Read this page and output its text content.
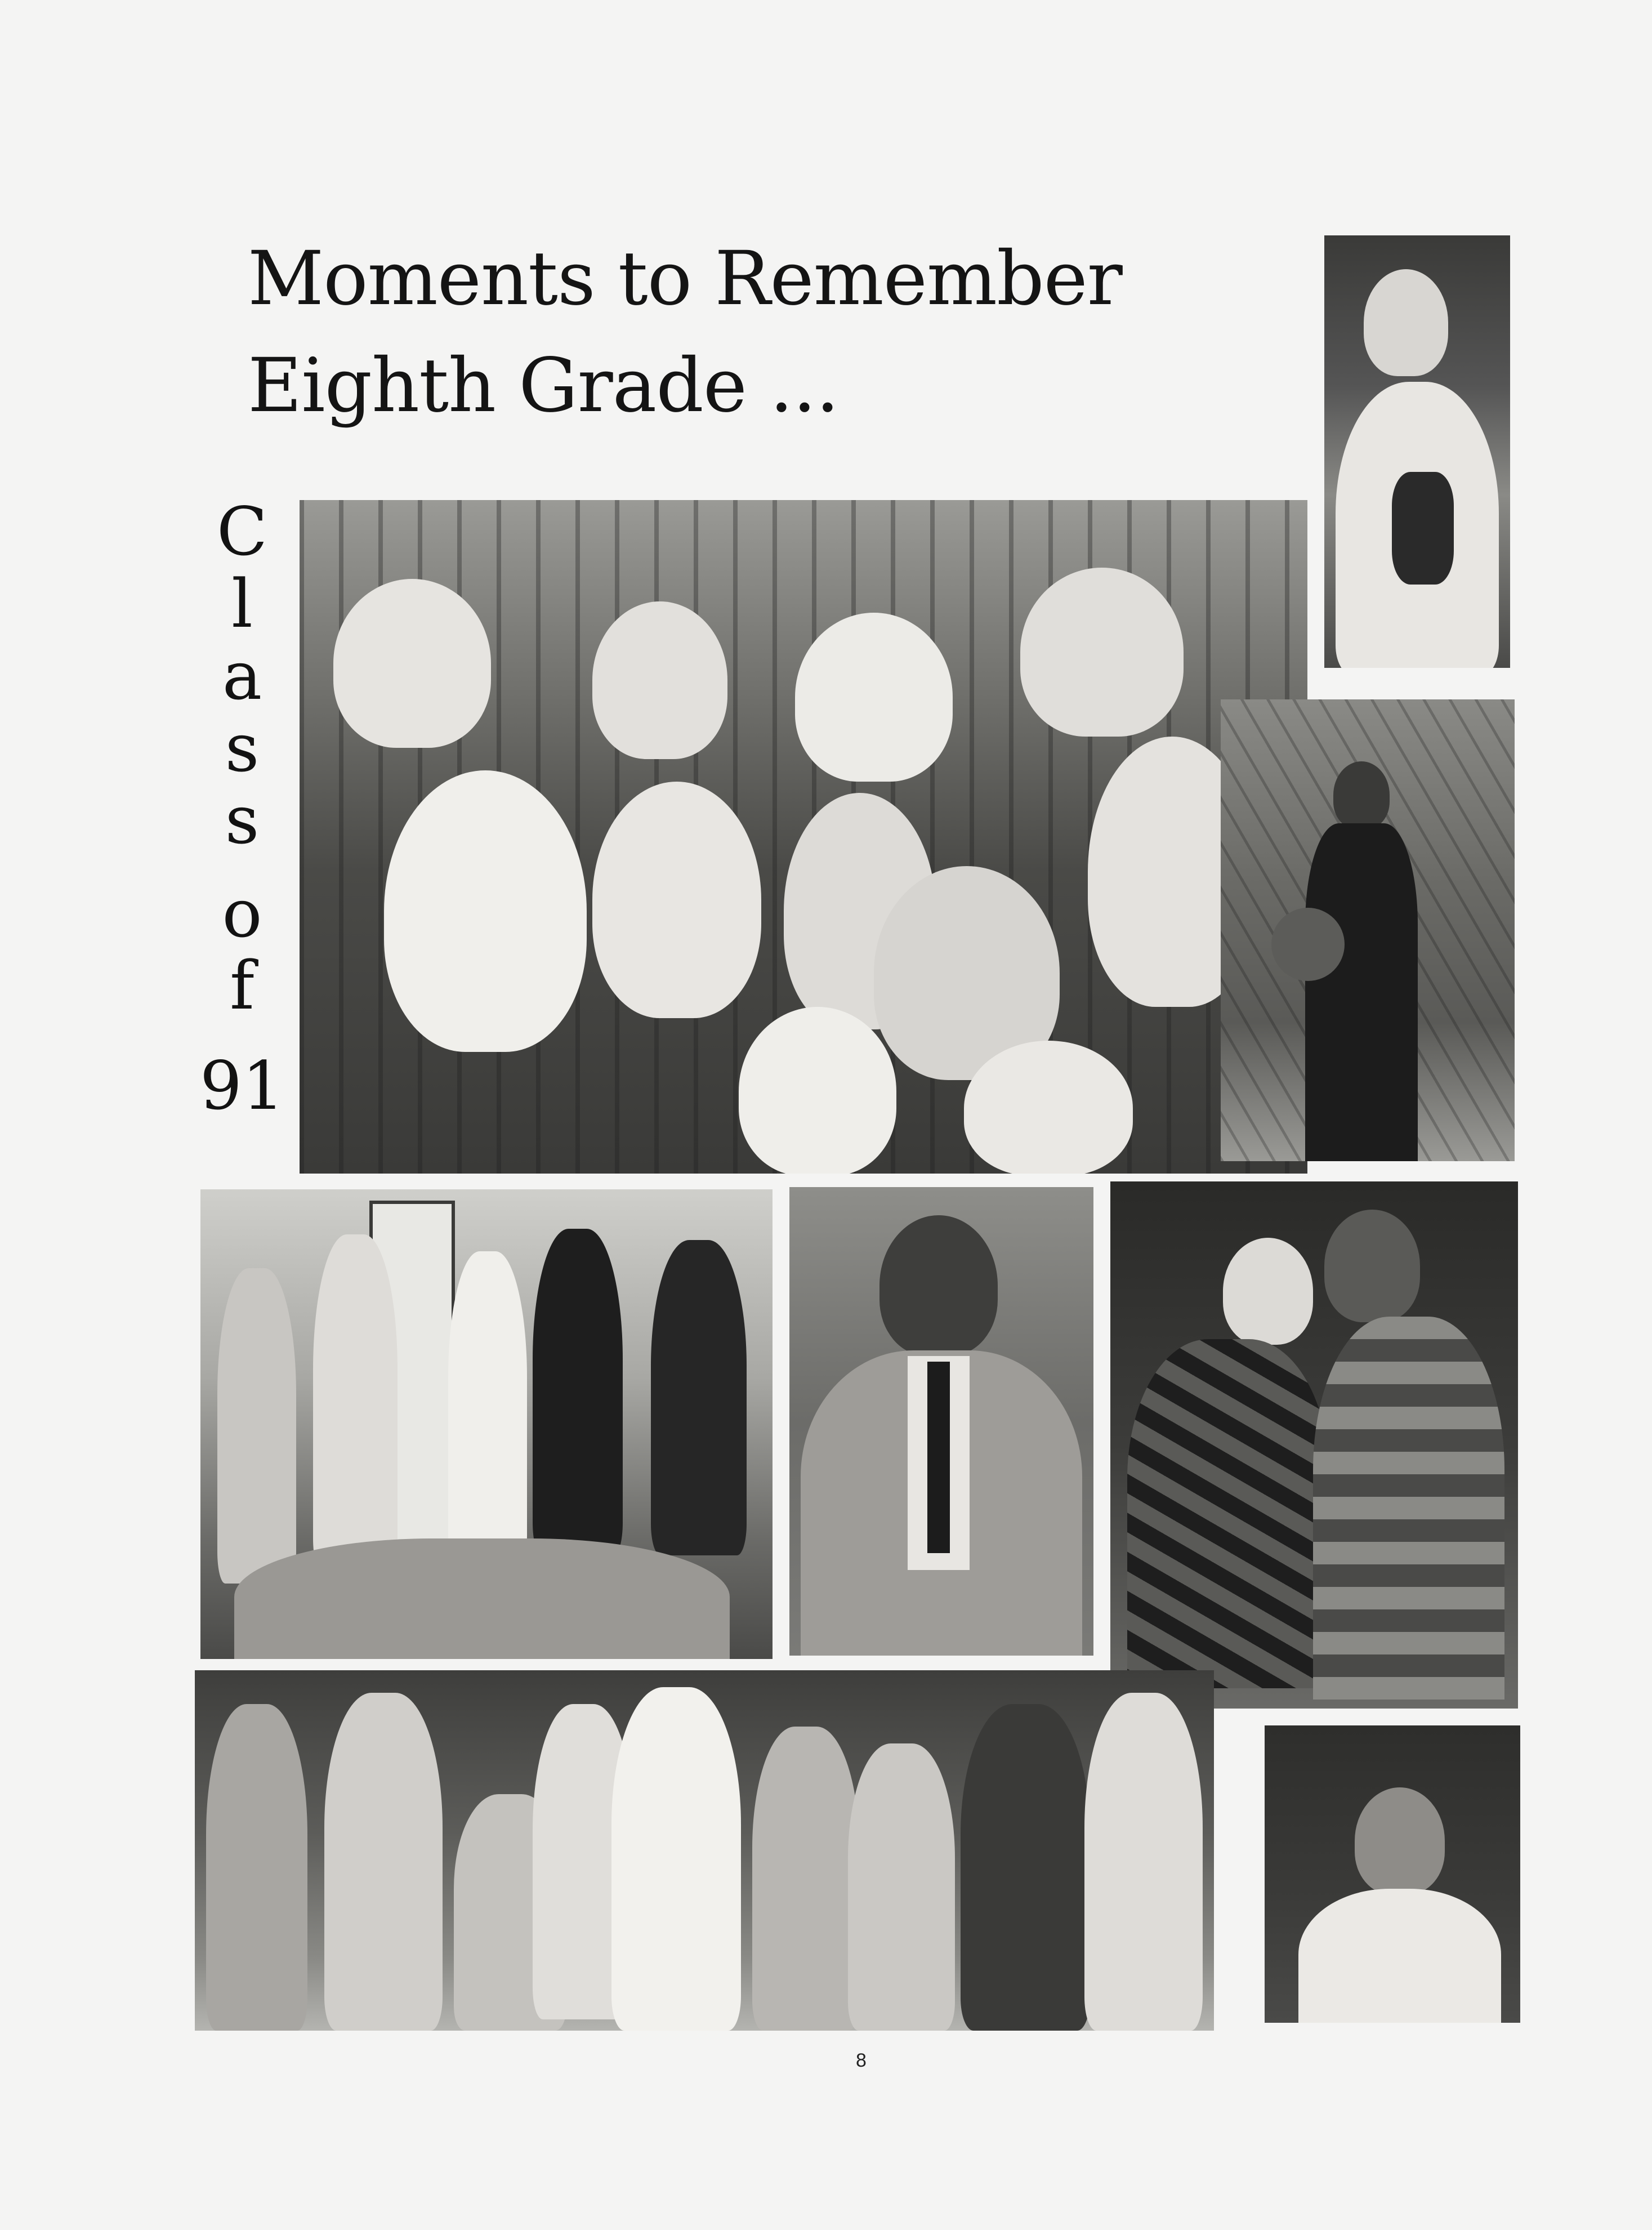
Moments to Remember
Eighth Grade ...
C
l
a
s
s
o
f
91
8
